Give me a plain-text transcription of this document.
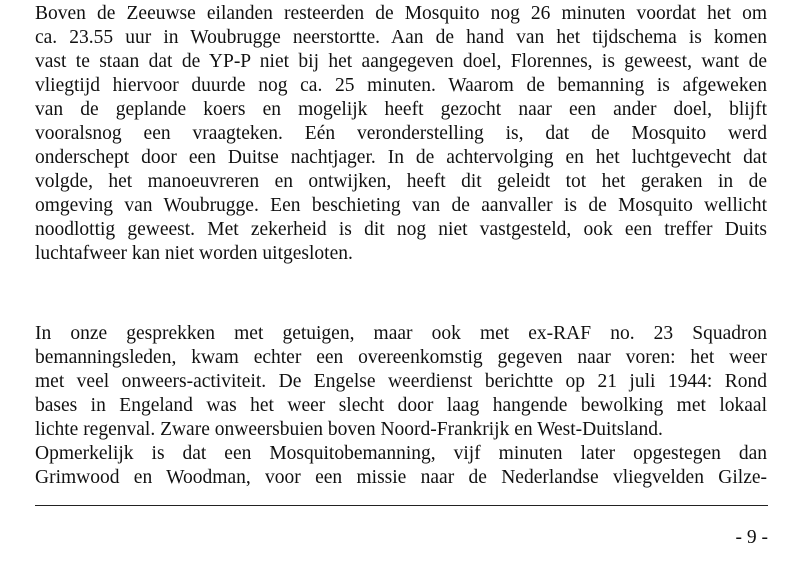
Boven de Zeeuwse eilanden resteerden de Mosquito nog 26 minuten voordat het om
ca. 23.55 uur in Woubrugge neerstortte. Aan de hand van het tijdschema is komen
vast te staan dat de YP-P niet bij het aangegeven doel, Florennes, is geweest, want de
vliegtijd hiervoor duurde nog ca. 25 minuten. Waarom de bemanning is afgeweken
van de geplande koers en mogelijk heeft gezocht naar een ander doel, blijft
vooralsnog een vraagteken. Eén veronderstelling is, dat de Mosquito werd
onderschept door een Duitse nachtjager. In de achtervolging en het luchtgevecht dat
volgde, het manoeuvreren en ontwijken, heeft dit geleidt tot het geraken in de
omgeving van Woubrugge. Een beschieting van de aanvaller is de Mosquito wellicht
noodlottig geweest. Met zekerheid is dit nog niet vastgesteld, ook een treffer Duits
luchtafweer kan niet worden uitgesloten.
In onze gesprekken met getuigen, maar ook met ex-RAF no. 23 Squadron
bemanningsleden, kwam echter een overeenkomstig gegeven naar voren: het weer
met veel onweers-activiteit. De Engelse weerdienst berichtte op 21 juli 1944: Rond
bases in Engeland was het weer slecht door laag hangende bewolking met lokaal
lichte regenval. Zware onweersbuien boven Noord-Frankrijk en West-Duitsland.
Opmerkelijk is dat een Mosquitobemanning, vijf minuten later opgestegen dan
Grimwood en Woodman, voor een missie naar de Nederlandse vliegvelden Gilze-
- 9 -
